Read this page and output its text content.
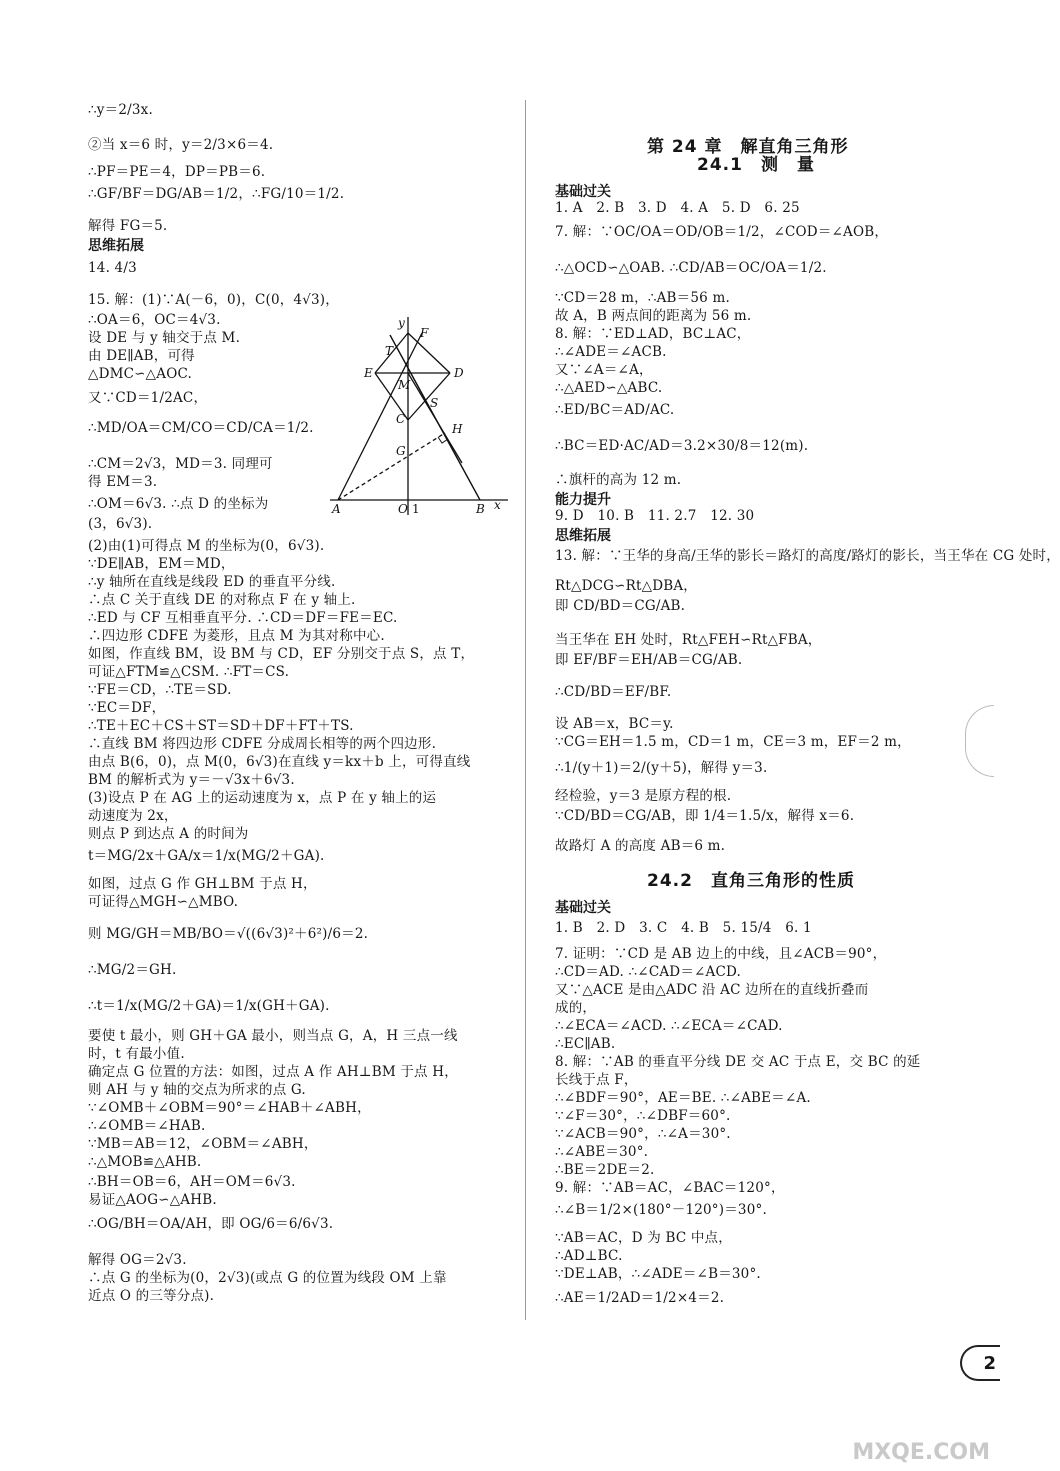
∴y＝2/3x.
②当 x＝6 时，y＝2/3×6＝4.
∴PF＝PE＝4，DP＝PB＝6.
∴GF/BF＝DG/AB＝1/2，∴FG/10＝1/2.
解得 FG＝5.
思维拓展
14. 4/3
15. 解：(1)∵A(－6，0)，C(0，4√3)，
∴OA＝6，OC＝4√3.
设 DE 与 y 轴交于点 M.
由 DE∥AB，可得
△DMC∽△AOC.
又∵CD＝1/2AC，
∴MD/OA＝CM/CO＝CD/CA＝1/2.
∴CM＝2√3，MD＝3. 同理可
得 EM＝3.
∴OM＝6√3. ∴点 D 的坐标为
(3，6√3).
(2)由(1)可得点 M 的坐标为(0，6√3).
∵DE∥AB，EM＝MD，
∴y 轴所在直线是线段 ED 的垂直平分线.
∴点 C 关于直线 DE 的对称点 F 在 y 轴上.
∴ED 与 CF 互相垂直平分. ∴CD＝DF＝FE＝EC.
∴四边形 CDFE 为菱形，且点 M 为其对称中心.
如图，作直线 BM，设 BM 与 CD，EF 分别交于点 S，点 T，
可证△FTM≌△CSM. ∴FT＝CS.
∵FE＝CD，∴TE＝SD.
∵EC＝DF，
∴TE＋EC＋CS＋ST＝SD＋DF＋FT＋TS.
∴直线 BM 将四边形 CDFE 分成周长相等的两个四边形.
由点 B(6，0)，点 M(0，6√3)在直线 y＝kx＋b 上，可得直线
BM 的解析式为 y＝－√3x＋6√3.
(3)设点 P 在 AG 上的运动速度为 x，点 P 在 y 轴上的运
动速度为 2x，
则点 P 到达点 A 的时间为
t＝MG/2x＋GA/x＝1/x(MG/2＋GA).
如图，过点 G 作 GH⊥BM 于点 H，
可证得△MGH∽△MBO.
则 MG/GH＝MB/BO＝√((6√3)²＋6²)/6＝2.
∴MG/2＝GH.
∴t＝1/x(MG/2＋GA)＝1/x(GH＋GA).
要使 t 最小，则 GH＋GA 最小，则当点 G，A，H 三点一线
时，t 有最小值.
确定点 G 位置的方法：如图，过点 A 作 AH⊥BM 于点 H，
则 AH 与 y 轴的交点为所求的点 G.
∵∠OMB＋∠OBM＝90°＝∠HAB＋∠ABH，
∴∠OMB＝∠HAB.
∵MB＝AB＝12，∠OBM＝∠ABH，
∴△MOB≌△AHB.
∴BH＝OB＝6，AH＝OM＝6√3.
易证△AOG∽△AHB.
∴OG/BH＝OA/AH，即 OG/6＝6/6√3.
解得 OG＝2√3.
∴点 G 的坐标为(0，2√3)(或点 G 的位置为线段 OM 上靠
近点 O 的三等分点).
第 24 章　解直角三角形
24.1　测　量
基础过关
1. A　2. B　3. D　4. A　5. D　6. 25
7. 解：∵OC/OA＝OD/OB＝1/2，∠COD＝∠AOB，
∴△OCD∽△OAB. ∴CD/AB＝OC/OA＝1/2.
∵CD＝28 m，∴AB＝56 m.
故 A，B 两点间的距离为 56 m.
8. 解：∵ED⊥AD，BC⊥AC，
∴∠ADE＝∠ACB.
又∵∠A＝∠A，
∴△AED∽△ABC.
∴ED/BC＝AD/AC.
∴BC＝ED·AC/AD＝3.2×30/8＝12(m).
∴旗杆的高为 12 m.
能力提升
9. D　10. B　11. 2.7　12. 30
思维拓展
13. 解：∵王华的身高/王华的影长＝路灯的高度/路灯的影长，当王华在 CG 处时，
Rt△DCG∽Rt△DBA，
即 CD/BD＝CG/AB.
当王华在 EH 处时，Rt△FEH∽Rt△FBA，
即 EF/BF＝EH/AB＝CG/AB.
∴CD/BD＝EF/BF.
设 AB＝x，BC＝y.
∵CG＝EH＝1.5 m，CD＝1 m，CE＝3 m，EF＝2 m，
∴1/(y＋1)＝2/(y＋5)，解得 y＝3.
经检验，y＝3 是原方程的根.
∵CD/BD＝CG/AB，即 1/4＝1.5/x，解得 x＝6.
故路灯 A 的高度 AB＝6 m.
24.2　直角三角形的性质
基础过关
1. B　2. D　3. C　4. B　5. 15/4　6. 1
7. 证明：∵CD 是 AB 边上的中线，且∠ACB＝90°，
∴CD＝AD. ∴∠CAD＝∠ACD.
又∵△ACE 是由△ADC 沿 AC 边所在的直线折叠而
成的，
∴∠ECA＝∠ACD. ∴∠ECA＝∠CAD.
∴EC∥AB.
8. 解：∵AB 的垂直平分线 DE 交 AC 于点 E，交 BC 的延
长线于点 F，
∴∠BDF＝90°，AE＝BE. ∴∠ABE＝∠A.
∵∠F＝30°，∴∠DBF＝60°.
∵∠ACB＝90°，∴∠A＝30°.
∴∠ABE＝30°.
∴BE＝2DE＝2.
9. 解：∵AB＝AC，∠BAC＝120°，
∴∠B＝1/2×(180°－120°)＝30°.
∵AB＝AC，D 为 BC 中点，
∴AD⊥BC.
∵DE⊥AB，∴∠ADE＝∠B＝30°.
∴AE＝1/2AD＝1/2×4＝2.
y
F
T
E	D
M
S
C
H
G
A	O 1	B x
2
MXQE.COM
